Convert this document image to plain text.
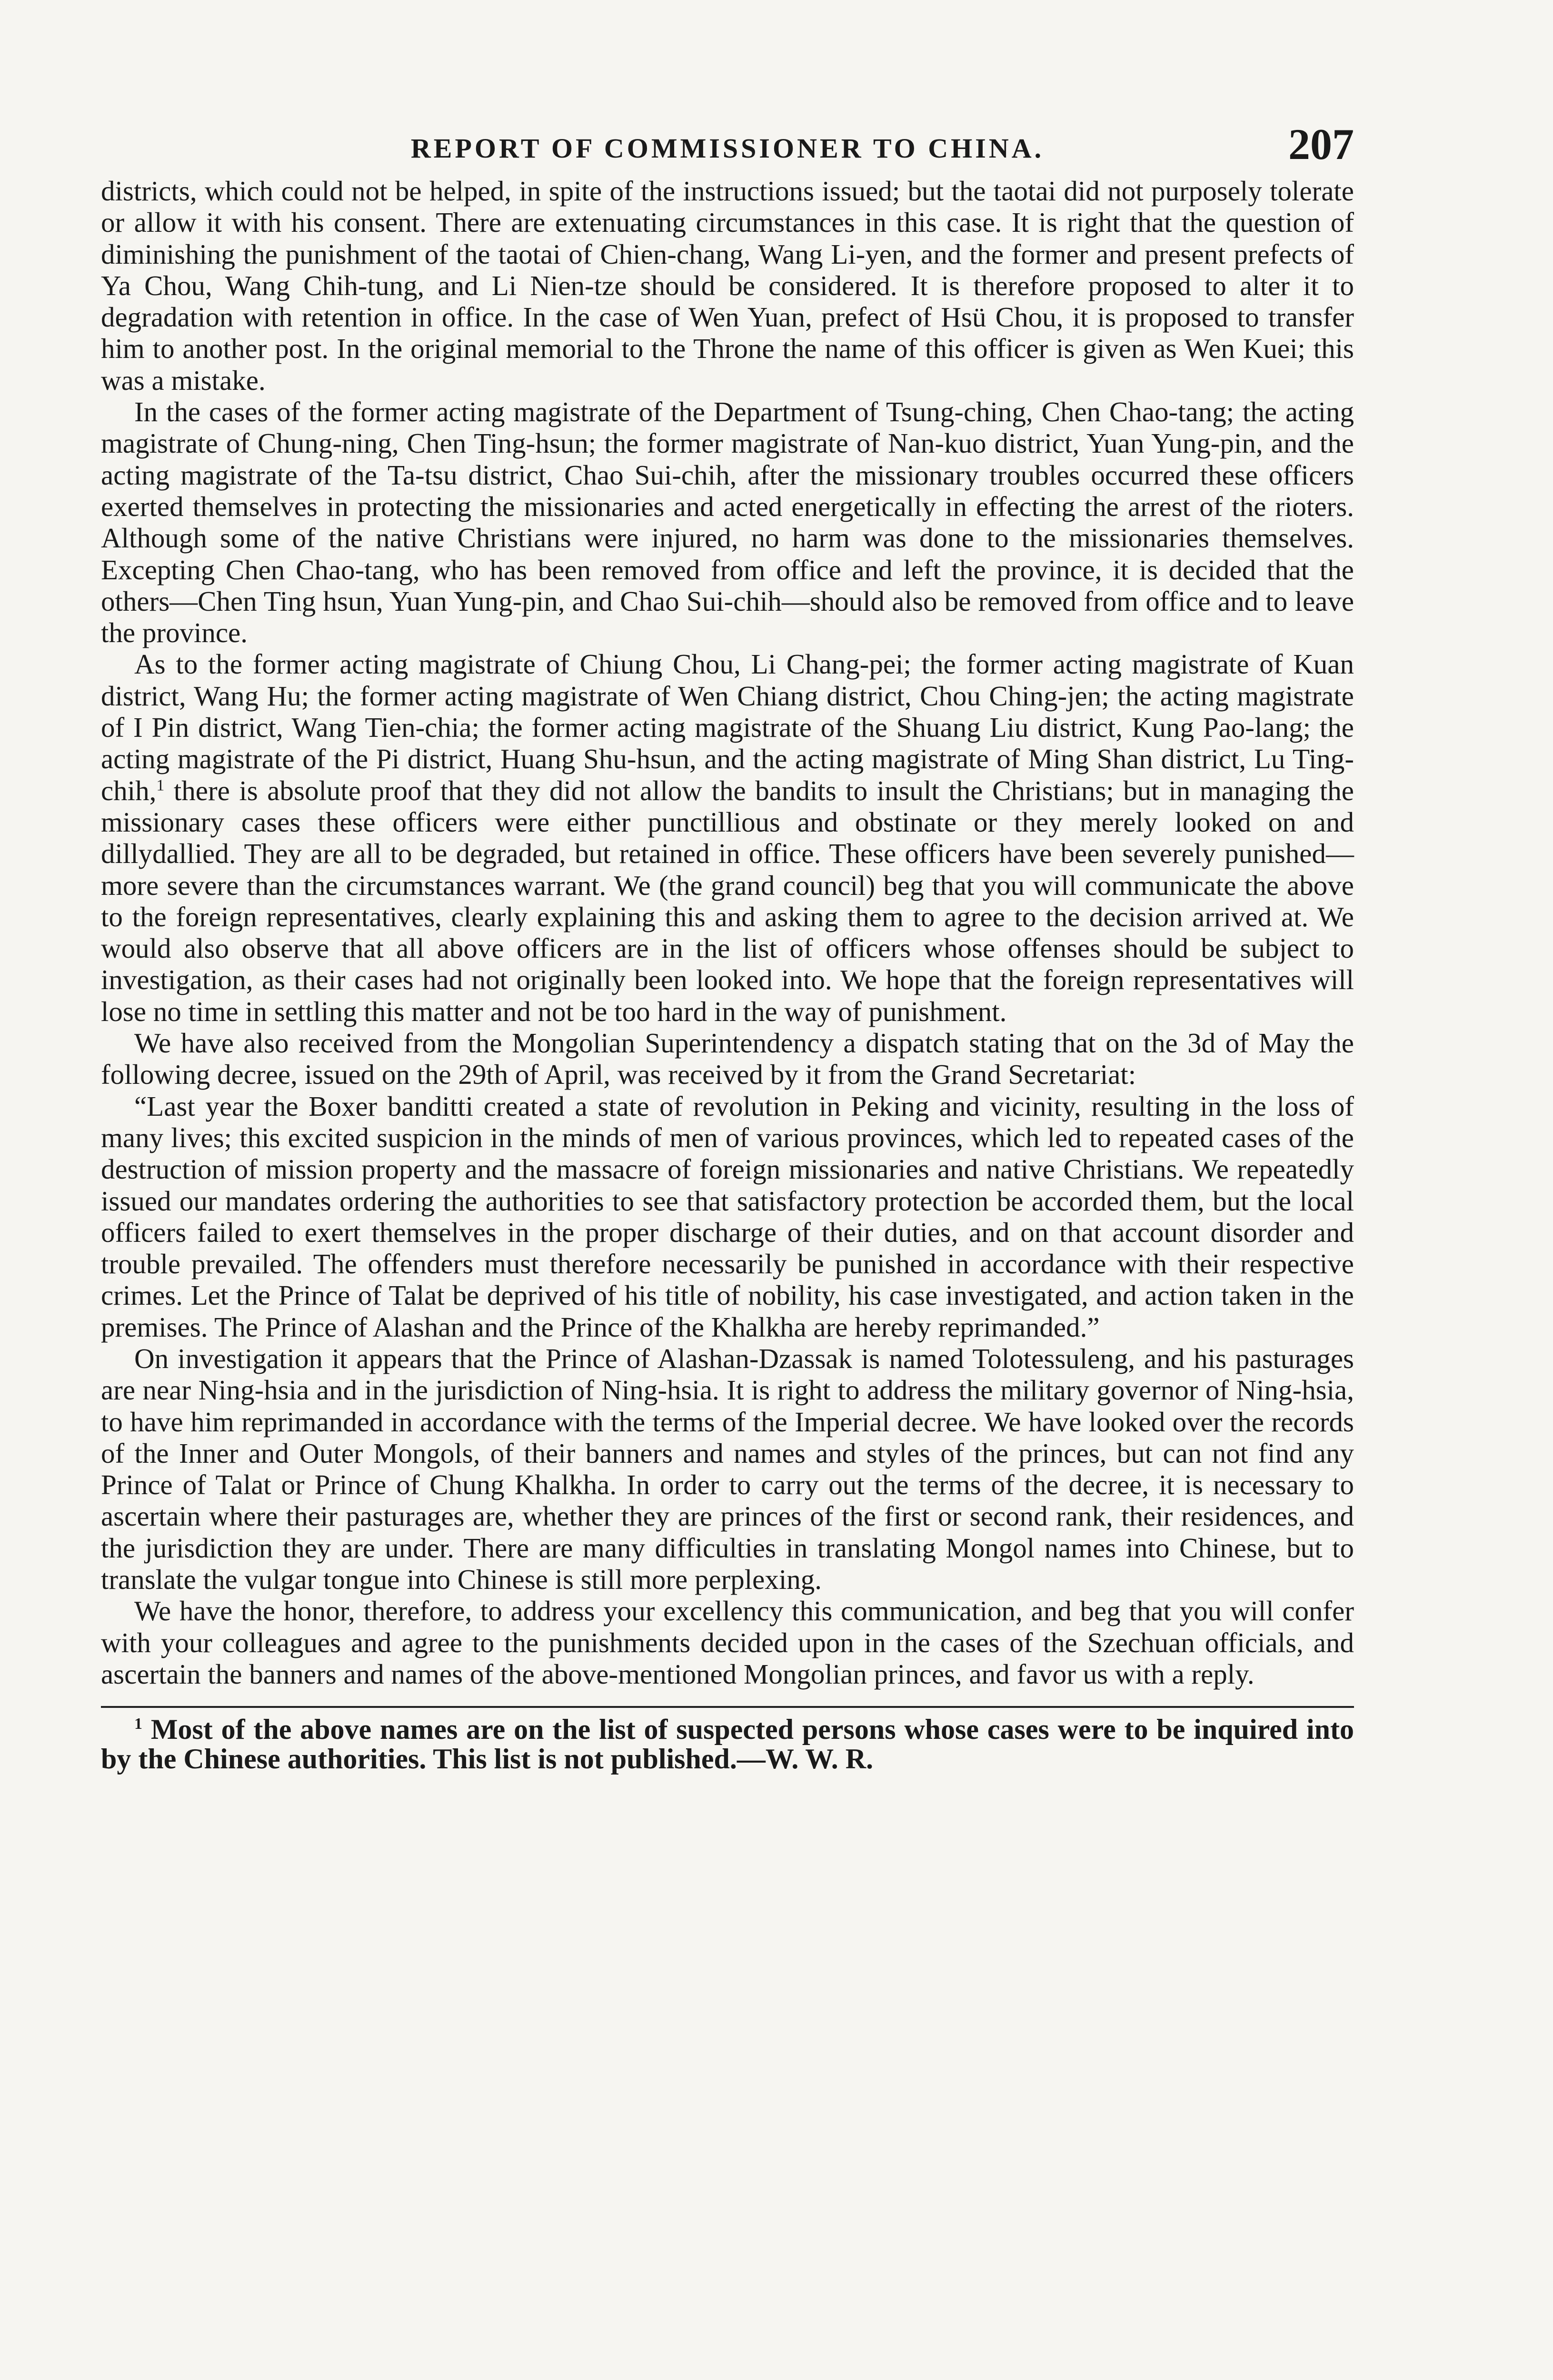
REPORT OF COMMISSIONER TO CHINA.	207

districts, which could not be helped, in spite of the instructions issued; but the taotai did not purposely tolerate or allow it with his consent. There are extenuating circumstances in this case. It is right that the question of diminishing the punishment of the taotai of Chien-chang, Wang Li-yen, and the former and present prefects of Ya Chou, Wang Chih-tung, and Li Nien-tze should be considered. It is therefore proposed to alter it to degradation with retention in office. In the case of Wen Yuan, prefect of Hsü Chou, it is proposed to transfer him to another post. In the original memorial to the Throne the name of this officer is given as Wen Kuei; this was a mistake.

In the cases of the former acting magistrate of the Department of Tsung-ching, Chen Chao-tang; the acting magistrate of Chung-ning, Chen Ting-hsun; the former magistrate of Nan-kuo district, Yuan Yung-pin, and the acting magistrate of the Ta-tsu district, Chao Sui-chih, after the missionary troubles occurred these officers exerted themselves in protecting the missionaries and acted energetically in effecting the arrest of the rioters. Although some of the native Christians were injured, no harm was done to the missionaries themselves. Excepting Chen Chao-tang, who has been removed from office and left the province, it is decided that the others—Chen Ting hsun, Yuan Yung-pin, and Chao Sui-chih—should also be removed from office and to leave the province.

As to the former acting magistrate of Chiung Chou, Li Chang-pei; the former acting magistrate of Kuan district, Wang Hu; the former acting magistrate of Wen Chiang district, Chou Ching-jen; the acting magistrate of I Pin district, Wang Tien-chia; the former acting magistrate of the Shuang Liu district, Kung Pao-lang; the acting magistrate of the Pi district, Huang Shu-hsun, and the acting magistrate of Ming Shan district, Lu Ting-chih,$^1$ there is absolute proof that they did not allow the bandits to insult the Christians; but in managing the missionary cases these officers were either punctillious and obstinate or they merely looked on and dillydallied. They are all to be degraded, but retained in office. These officers have been severely punished—more severe than the circumstances warrant. We (the grand council) beg that you will communicate the above to the foreign representatives, clearly explaining this and asking them to agree to the decision arrived at. We would also observe that all above officers are in the list of officers whose offenses should be subject to investigation, as their cases had not originally been looked into. We hope that the foreign representatives will lose no time in settling this matter and not be too hard in the way of punishment.

We have also received from the Mongolian Superintendency a dispatch stating that on the 3d of May the following decree, issued on the 29th of April, was received by it from the Grand Secretariat:

“Last year the Boxer banditti created a state of revolution in Peking and vicinity, resulting in the loss of many lives; this excited suspicion in the minds of men of various provinces, which led to repeated cases of the destruction of mission property and the massacre of foreign missionaries and native Christians. We repeatedly issued our mandates ordering the authorities to see that satisfactory protection be accorded them, but the local officers failed to exert themselves in the proper discharge of their duties, and on that account disorder and trouble prevailed. The offenders must therefore necessarily be punished in accordance with their respective crimes. Let the Prince of Talat be deprived of his title of nobility, his case investigated, and action taken in the premises. The Prince of Alashan and the Prince of the Khalkha are hereby reprimanded.”

On investigation it appears that the Prince of Alashan-Dzassak is named Tolotessuleng, and his pasturages are near Ning-hsia and in the jurisdiction of Ning-hsia. It is right to address the military governor of Ning-hsia, to have him reprimanded in accordance with the terms of the Imperial decree. We have looked over the records of the Inner and Outer Mongols, of their banners and names and styles of the princes, but can not find any Prince of Talat or Prince of Chung Khalkha. In order to carry out the terms of the decree, it is necessary to ascertain where their pasturages are, whether they are princes of the first or second rank, their residences, and the jurisdiction they are under. There are many difficulties in translating Mongol names into Chinese, but to translate the vulgar tongue into Chinese is still more perplexing.

We have the honor, therefore, to address your excellency this communication, and beg that you will confer with your colleagues and agree to the punishments decided upon in the cases of the Szechuan officials, and ascertain the banners and names of the above-mentioned Mongolian princes, and favor us with a reply.

$^1$ Most of the above names are on the list of suspected persons whose cases were to be inquired into by the Chinese authorities. This list is not published.—W. W. R.
